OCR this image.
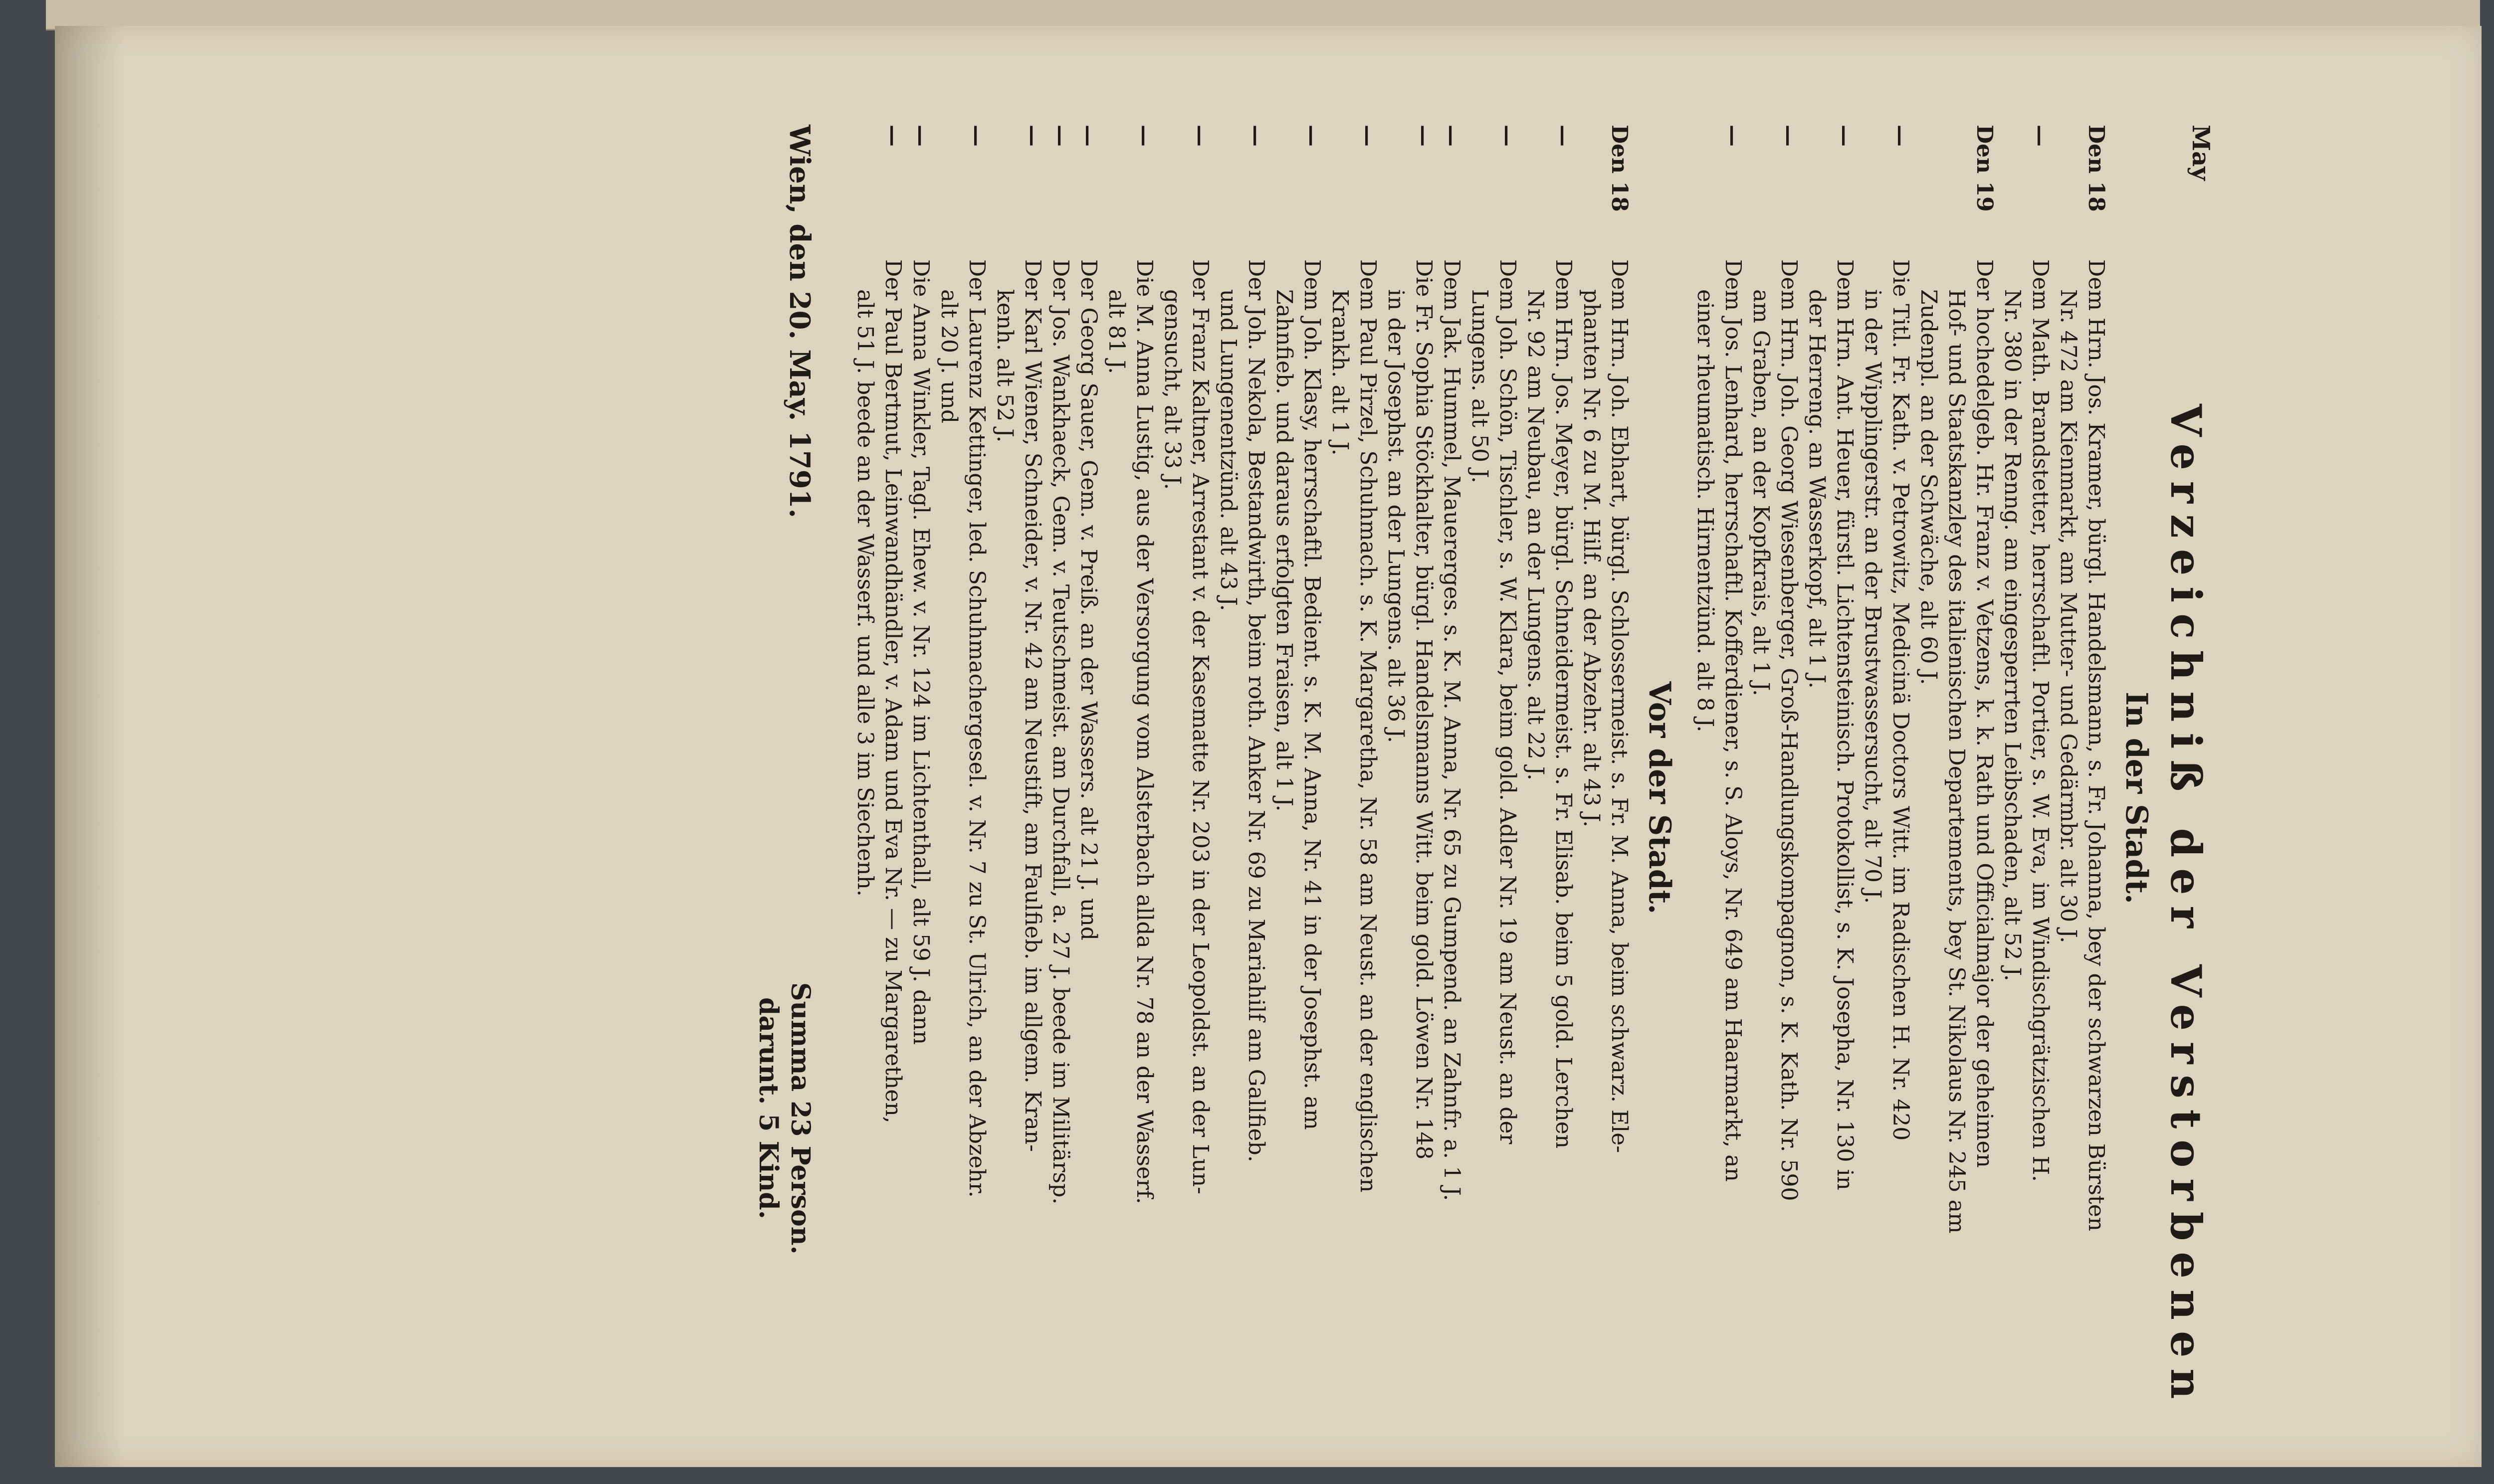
May
Verzeichniß der Verstorbenen
In der Stadt.
Den 18
Dem Hrn. Jos. Kramer, bürgl. Handelsmann, s. Fr. Johanna, bey der schwarzen Bürsten
Nr. 472 am Kienmarkt, am Mutter- und Gedärmbr. alt 30 J.
—
Dem Math. Brandstetter, herrschaftl. Portier, s. W. Eva, im Windischgrätzischen H.
Nr. 380 in der Renng. am eingesperrten Leibschaden, alt 52 J.
Den 19
Der hochedelgeb. Hr. Franz v. Vetzens, k. k. Rath und Officialmajor der geheimen
Hof- und Staatskanzley des italienischen Departements, bey St. Nikolaus Nr. 245 am
Zudenpl. an der Schwäche, alt 60 J.
—
Die Titl. Fr. Kath. v. Petrowitz, Medicinä Doctors Witt. im Radischen H. Nr. 420
in der Wipplingerstr. an der Brustwassersucht, alt 70 J.
—
Dem Hrn. Ant. Heuer, fürstl. Lichtensteinisch. Protokollist, s. K. Josepha, Nr. 130 in
der Herreng. an Wasserkopf, alt 1 J.
—
Dem Hrn. Joh. Georg Wiesenberger, Groß-Handlungskompagnon, s. K. Kath. Nr. 590
am Graben, an der Kopfkrais, alt 1 J.
—
Dem Jos. Lenhard, herrschaftl. Kofferdiener, s. S. Aloys, Nr. 649 am Haarmarkt, an
einer rheumatisch. Hirnentzünd. alt 8 J.
Vor der Stadt.
Den 18
Dem Hrn. Joh. Ebhart, bürgl. Schlossermeist. s. Fr. M. Anna, beim schwarz. Ele-
phanten Nr. 6 zu M. Hilf. an der Abzehr. alt 43 J.
—
Dem Hrn. Jos. Meyer, bürgl. Schneidermeist. s. Fr. Elisab. beim 5 gold. Lerchen
Nr. 92 am Neubau, an der Lungens. alt 22 J.
—
Dem Joh. Schön, Tischler, s. W. Klara, beim gold. Adler Nr. 19 am Neust. an der
Lungens. alt 50 J.
—
Dem Jak. Hummel, Mauererges. s. K. M. Anna, Nr. 65 zu Gumpend. an Zahnfr. a. 1 J.
—
Die Fr. Sophia Stöckhalter, bürgl. Handelsmanns Witt. beim gold. Löwen Nr. 148
in der Josephst. an der Lungens. alt 36 J.
—
Dem Paul Pirzel, Schuhmach. s. K. Margaretha, Nr. 58 am Neust. an der englischen
Krankh. alt 1 J.
—
Dem Joh. Klasy, herrschaftl. Bedient. s. K. M. Anna, Nr. 41 in der Josephst. am
Zahnfieb. und daraus erfolgten Fraisen, alt 1 J.
—
Der Joh. Nekola, Bestandwirth, beim roth. Anker Nr. 69 zu Mariahilf am Gallfieb.
und Lungenentzünd. alt 43 J.
—
Der Franz Kaltner, Arrestant v. der Kasematte Nr. 203 in der Leopoldst. an der Lun-
gensucht, alt 33 J.
—
Die M. Anna Lustig, aus der Versorgung vom Alsterbach allda Nr. 78 an der Wasserf.
alt 81 J.
—
Der Georg Sauer, Gem. v. Preiß. an der Wassers. alt 21 J. und
—
Der Jos. Wankhaeck, Gem. v. Teutschmeist. am Durchfall, a. 27 J. beede im Militärsp.
—
Der Karl Wiener, Schneider, v. Nr. 42 am Neustift, am Faulfieb. im allgem. Kran-
kenh. alt 52 J.
—
Der Laurenz Kettinger, led. Schuhmachergesel. v. Nr. 7 zu St. Ulrich, an der Abzehr.
alt 20 J. und
—
Die Anna Winkler, Tagl. Ehew. v. Nr. 124 im Lichtenthall, alt 59 J. dann
—
Der Paul Bertmut, Leinwandhändler, v. Adam und Eva Nr. — zu Margarethen,
alt 51 J. beede an der Wasserf. und alle 3 im Siechenh.
Wien, den 20. May. 1791.
Summa 23 Person.
darunt. 5 Kind.
